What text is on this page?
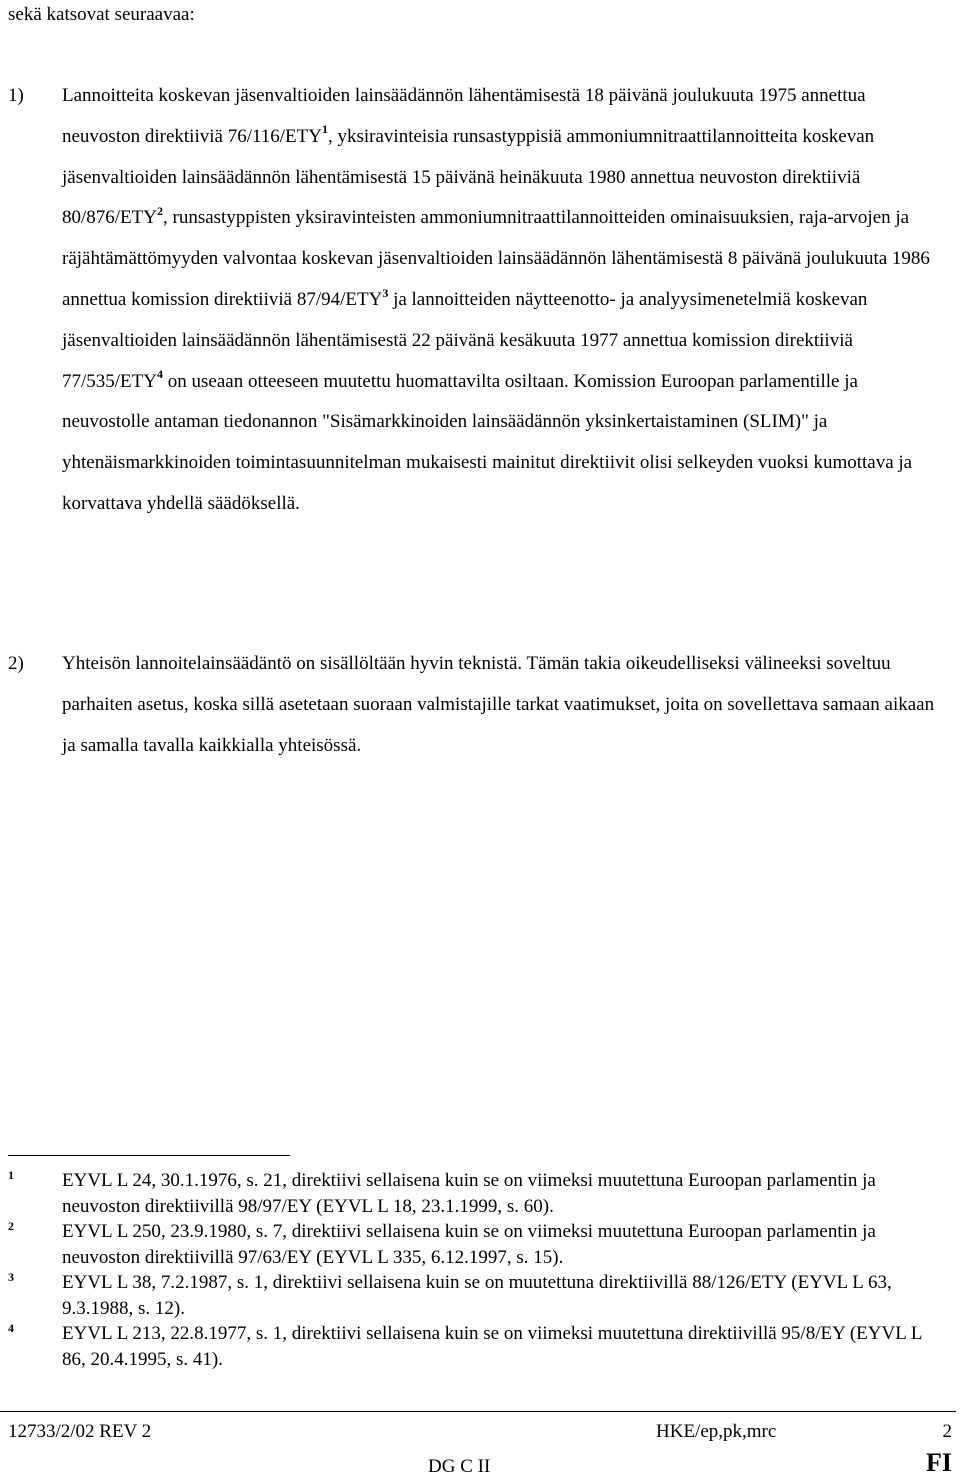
sekä katsovat seuraavaa:
1) Lannoitteita koskevan jäsenvaltioiden lainsäädännön lähentämisestä 18 päivänä joulukuuta 1975 annettua neuvoston direktiiviä 76/116/ETY$^1$, yksiravinteisia runsastyppisiä ammoniumnitraattilannoitteita koskevan jäsenvaltioiden lainsäädännön lähentämisestä 15 päivänä heinäkuuta 1980 annettua neuvoston direktiiviä 80/876/ETY$^2$, runsastyppisten yksiravinteisten ammoniumnitraattilannoitteiden ominaisuuksien, raja-arvojen ja räjähtämättömyyden valvontaa koskevan jäsenvaltioiden lainsäädännön lähentämisestä 8 päivänä joulukuuta 1986 annettua komission direktiiviä 87/94/ETY$^3$ ja lannoitteiden näytteenotto- ja analyysimenetelmiä koskevan jäsenvaltioiden lainsäädännön lähentämisestä 22 päivänä kesäkuuta 1977 annettua komission direktiiviä 77/535/ETY$^4$ on useaan otteeseen muutettu huomattavilta osiltaan. Komission Euroopan parlamentille ja neuvostolle antaman tiedonannon "Sisämarkkinoiden lainsäädännön yksinkertaistaminen (SLIM)" ja yhtenäismarkkinoiden toimintasuunnitelman mukaisesti mainitut direktiivit olisi selkeyden vuoksi kumottava ja korvattava yhdellä säädöksellä.
2) Yhteisön lannoitelainsäädäntö on sisällöltään hyvin teknistä. Tämän takia oikeudelliseksi välineeksi soveltuu parhaiten asetus, koska sillä asetetaan suoraan valmistajille tarkat vaatimukset, joita on sovellettava samaan aikaan ja samalla tavalla kaikkialla yhteisössä.
1	EYVL L 24, 30.1.1976, s. 21, direktiivi sellaisena kuin se on viimeksi muutettuna Euroopan parlamentin ja neuvoston direktiivillä 98/97/EY (EYVL L 18, 23.1.1999, s. 60).
2	EYVL L 250, 23.9.1980, s. 7, direktiivi sellaisena kuin se on viimeksi muutettuna Euroopan parlamentin ja neuvoston direktiivillä 97/63/EY (EYVL L 335, 6.12.1997, s. 15).
3	EYVL L 38, 7.2.1987, s. 1, direktiivi sellaisena kuin se on muutettuna direktiivillä 88/126/ETY (EYVL L 63, 9.3.1988, s. 12).
4	EYVL L 213, 22.8.1977, s. 1, direktiivi sellaisena kuin se on viimeksi muutettuna direktiivillä 95/8/EY (EYVL L 86, 20.4.1995, s. 41).
12733/2/02 REV 2	HKE/ep,pk,mrc	2
DG C II	FI
